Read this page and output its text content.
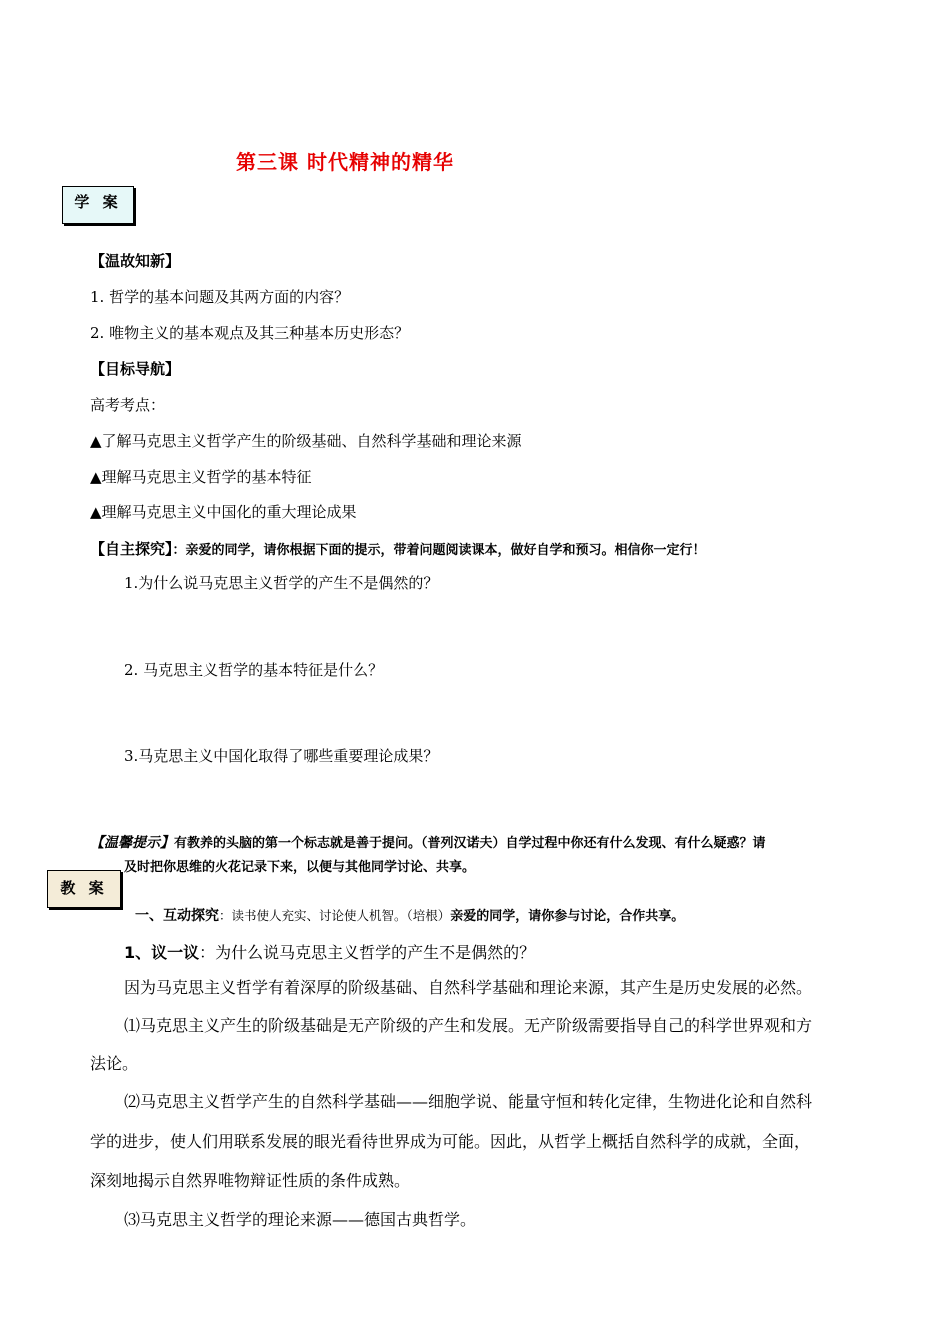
第三课 时代精神的精华
学 案
【温故知新】
1. 哲学的基本问题及其两方面的内容？
2. 唯物主义的基本观点及其三种基本历史形态？
【目标导航】
高考考点：
▲了解马克思主义哲学产生的阶级基础、自然科学基础和理论来源
▲理解马克思主义哲学的基本特征
▲理解马克思主义中国化的重大理论成果
【自主探究】：亲爱的同学，请你根据下面的提示，带着问题阅读课本，做好自学和预习。相信你一定行！
1.为什么说马克思主义哲学的产生不是偶然的？
2. 马克思主义哲学的基本特征是什么？
3.马克思主义中国化取得了哪些重要理论成果？
【温馨提示】有教养的头脑的第一个标志就是善于提问。（普列汉诺夫）自学过程中你还有什么发现、有什么疑惑？请
及时把你思维的火花记录下来，以便与其他同学讨论、共享。
教 案
一、互动探究：读书使人充实、讨论使人机智。（培根）亲爱的同学，请你参与讨论，合作共享。
1、议一议：为什么说马克思主义哲学的产生不是偶然的？
因为马克思主义哲学有着深厚的阶级基础、自然科学基础和理论来源，其产生是历史发展的必然。
⑴马克思主义产生的阶级基础是无产阶级的产生和发展。无产阶级需要指导自己的科学世界观和方
法论。
⑵马克思主义哲学产生的自然科学基础——细胞学说、能量守恒和转化定律，生物进化论和自然科
学的进步，使人们用联系发展的眼光看待世界成为可能。因此，从哲学上概括自然科学的成就，全面，
深刻地揭示自然界唯物辩证性质的条件成熟。
⑶马克思主义哲学的理论来源——德国古典哲学。
